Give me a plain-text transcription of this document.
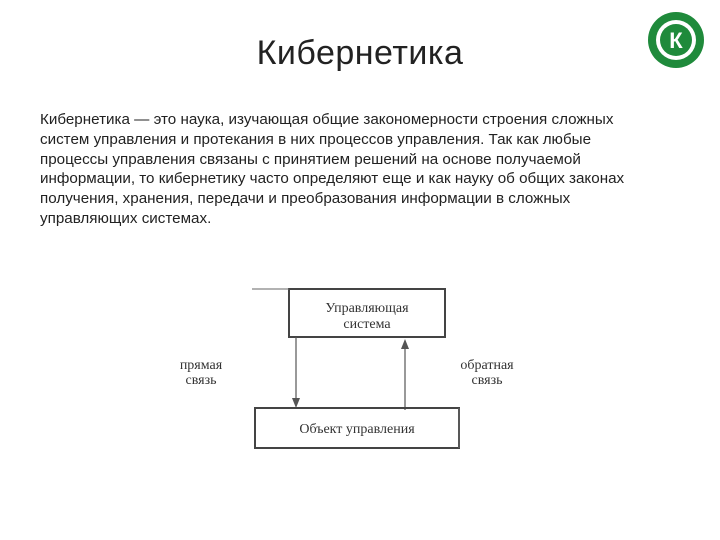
Кибернетика	К
Кибернетика — это наука, изучающая общие закономерности строения сложных
систем управления и протекания в них процессов управления. Так как любые
процессы управления связаны с принятием решений на основе получаемой
информации, то кибернетику часто определяют еще и как науку об общих законах
получения, хранения, передачи и преобразования информации в сложных
управляющих системах.
Управляющая
система
прямая
связь
обратная
связь
Объект управления
